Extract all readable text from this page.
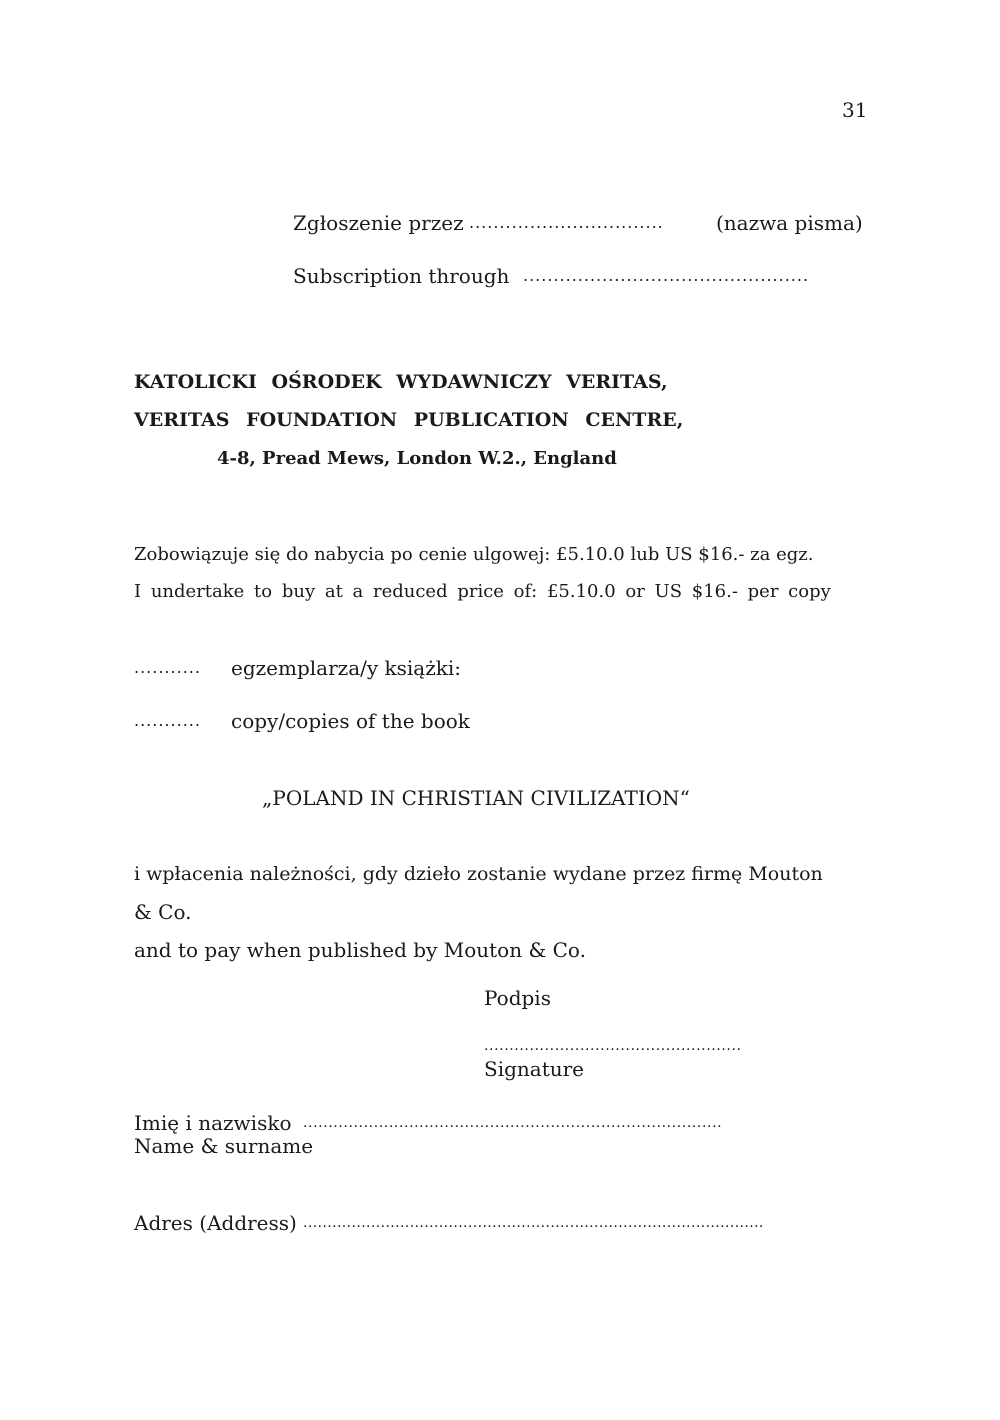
31
Zgłoszenie przez ................................	(nazwa pisma)
Subscription through ...............................................
KATOLICKI OŚRODEK WYDAWNICZY VERITAS,
VERITAS FOUNDATION PUBLICATION CENTRE,
4-8, Pread Mews, London W.2., England
Zobowiązuje się do nabycia po cenie ulgowej: £5.10.0 lub US $16.- za egz.
I undertake to buy at a reduced price of: £5.10.0 or US $16.- per copy
........... egzemplarza/y książki:
........... copy/copies of the book
„POLAND IN CHRISTIAN CIVILIZATION“
i wpłacenia należności, gdy dzieło zostanie wydane przez firmę Mouton
& Co.
and to pay when published by Mouton & Co.
Podpis
...................................................
Signature
Imię i nazwisko ...................................................................................
Name & surname
Adres (Address) ...............................................................................................
